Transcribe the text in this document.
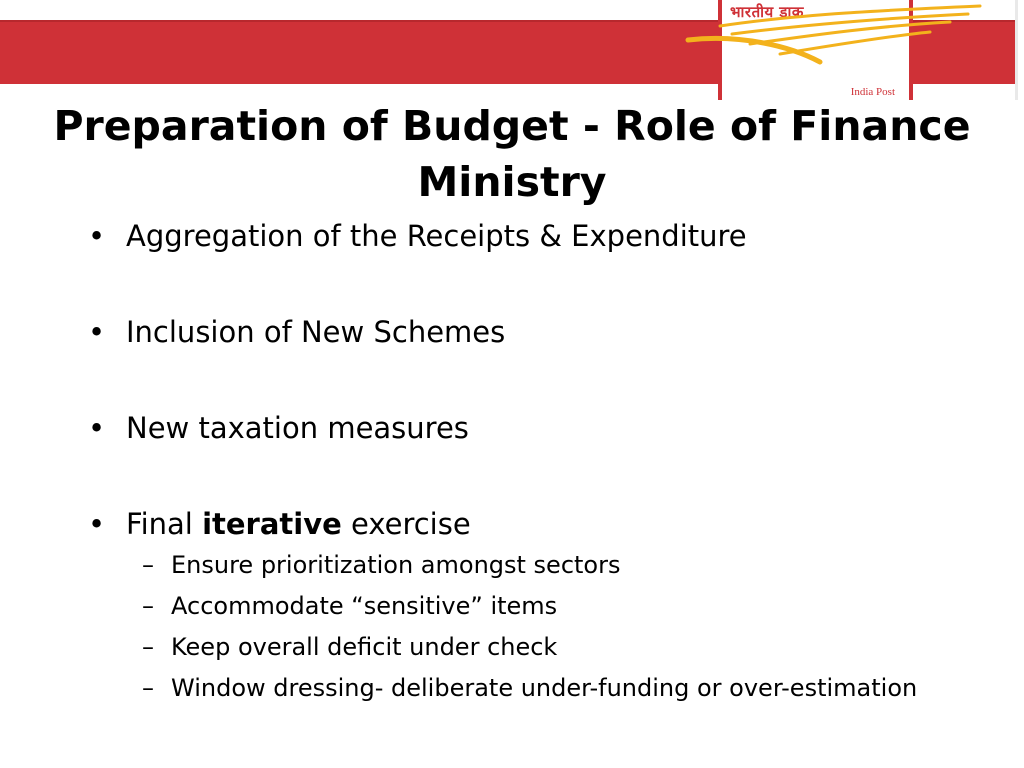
भारतीय डाक
India Post
Preparation of Budget - Role of Finance Ministry
• Aggregation of the Receipts & Expenditure
• Inclusion of New Schemes
• New taxation measures
• Final iterative exercise
– Ensure prioritization amongst sectors
– Accommodate “sensitive” items
– Keep overall deficit under check
– Window dressing- deliberate under-funding or over-estimation
